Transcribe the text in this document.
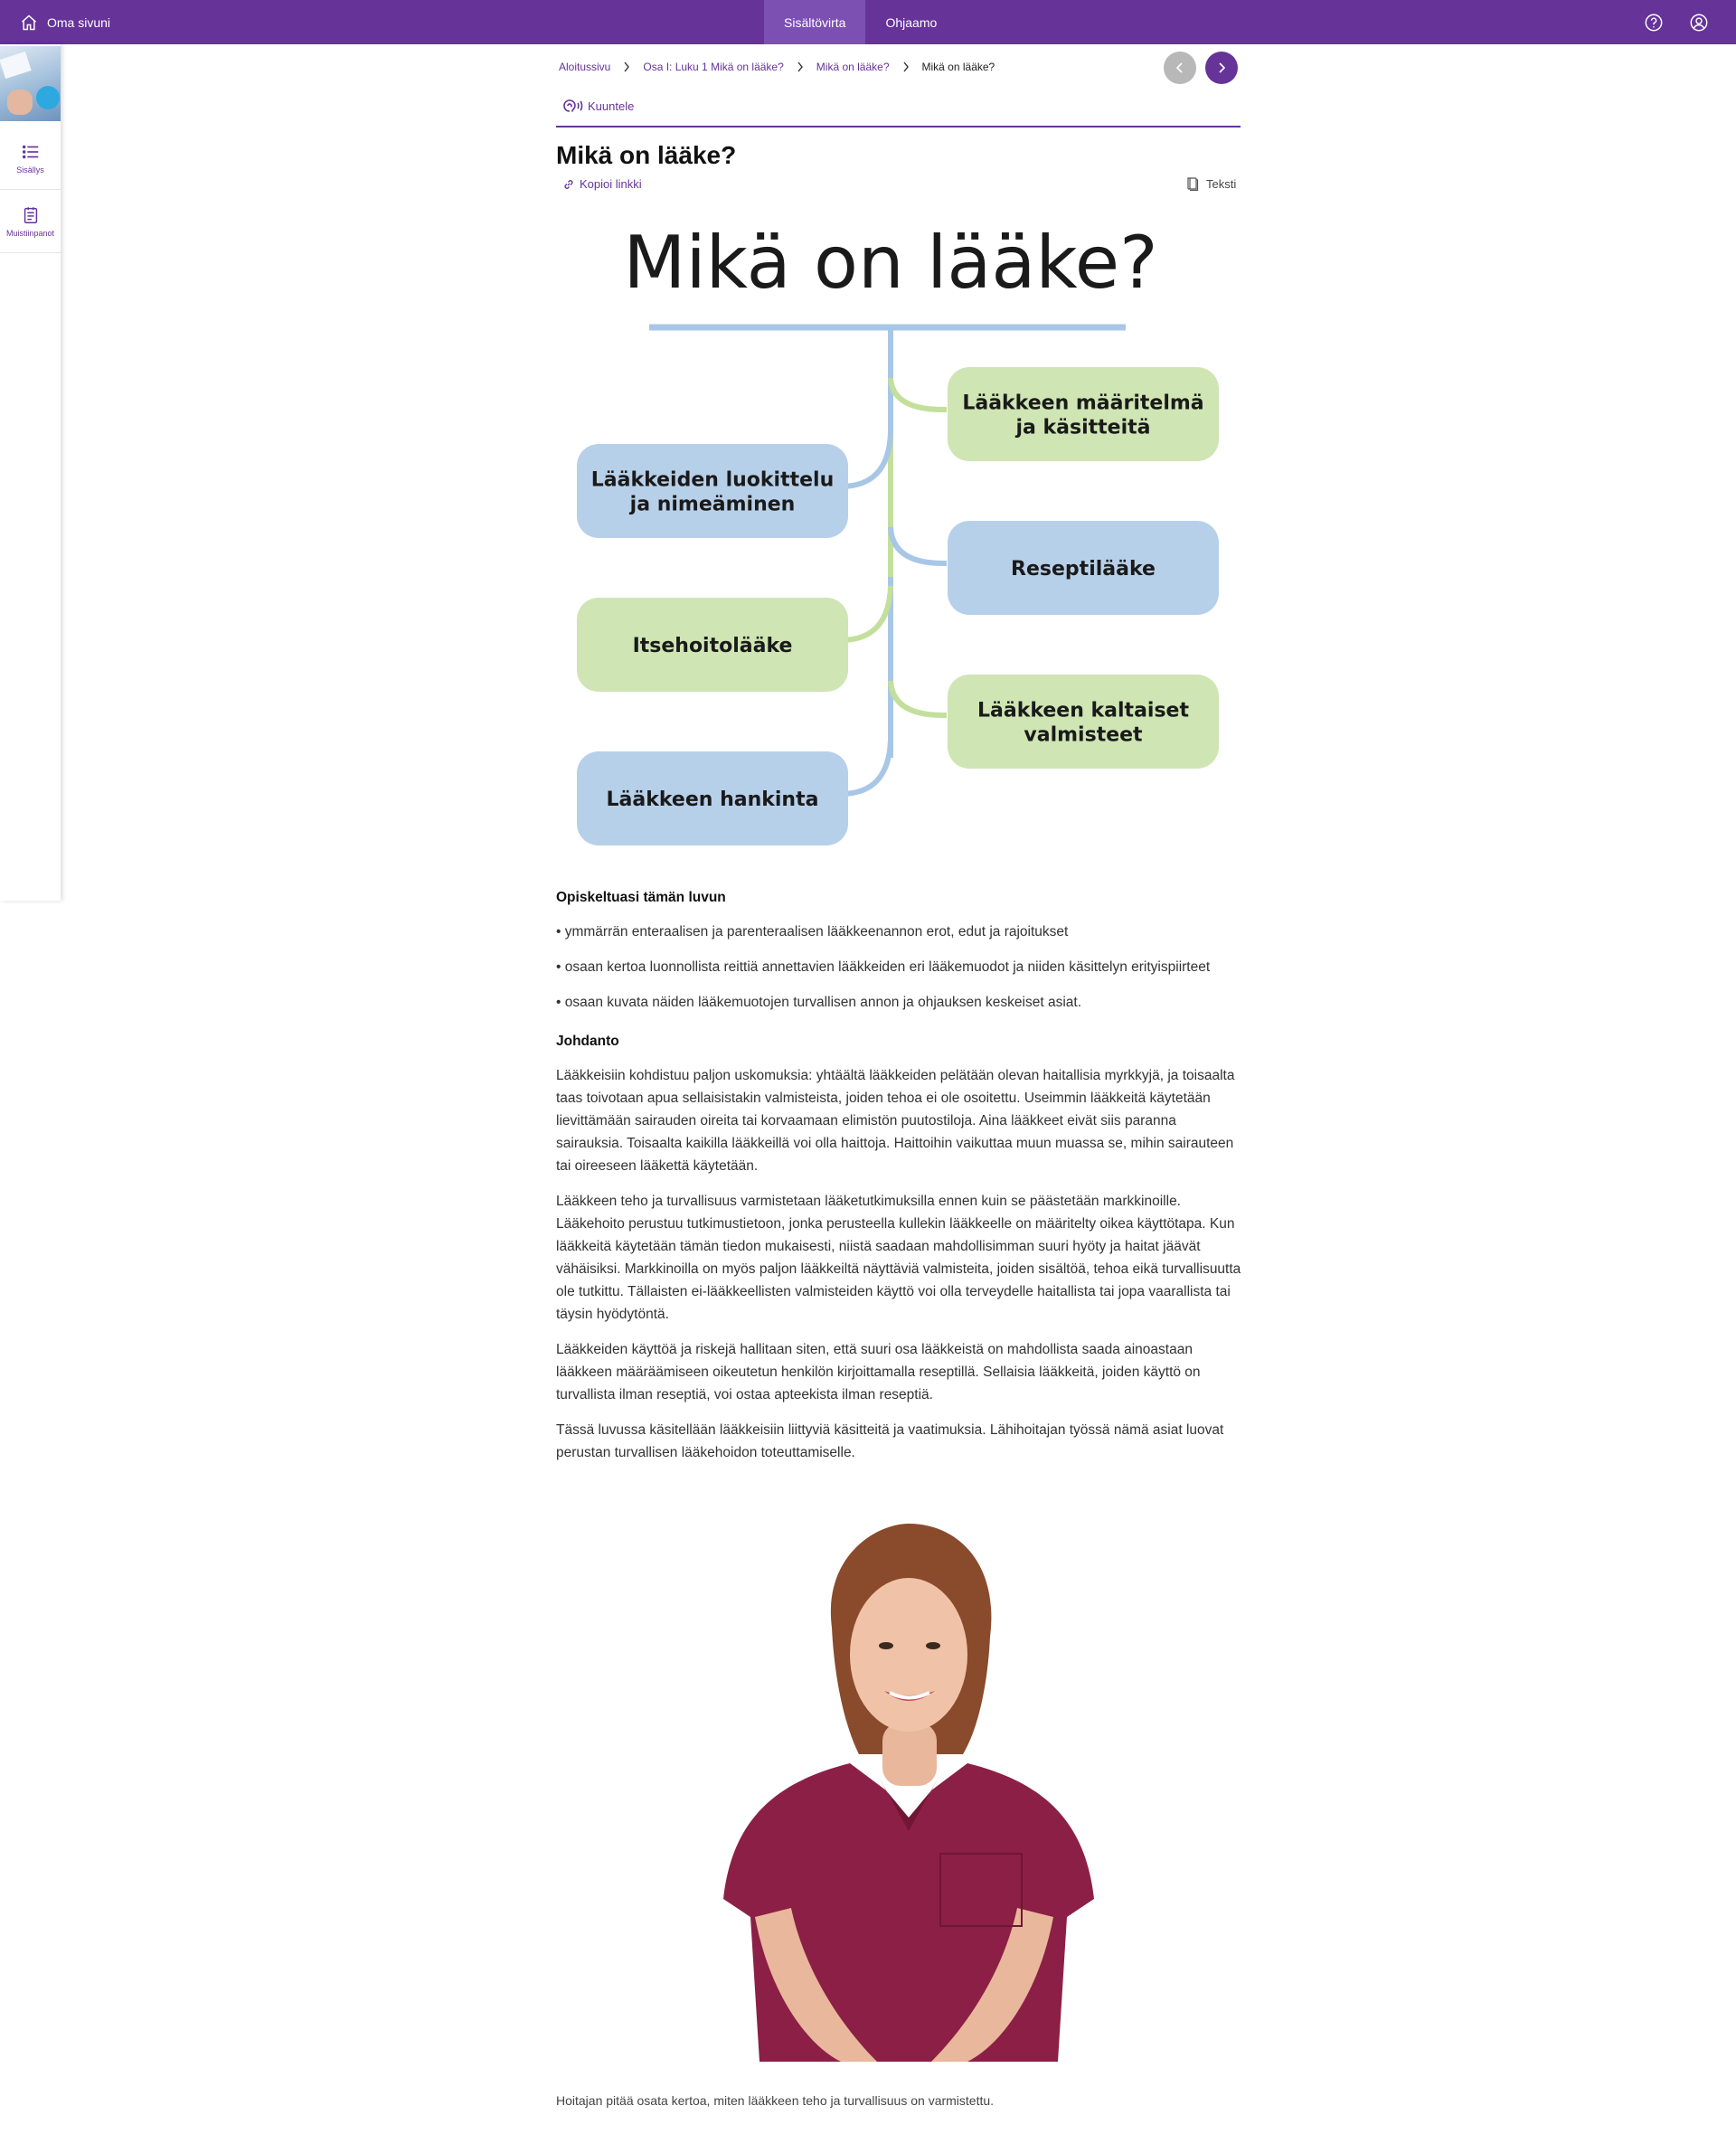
Oma sivuni	Sisältövirta	Ohjaamo
Sisällys
Muistiinpanot
Aloitussivu	Osa I: Luku 1 Mikä on lääke?	Mikä on lääke?	Mikä on lääke?
Kuuntele
Mikä on lääke?
Kopioi linkki	Teksti
Mikä on lääke?
Lääkkeen määritelmä
ja käsitteitä
Lääkkeiden luokittelu
ja nimeäminen
Reseptilääke
Itsehoitolääke
Lääkkeen kaltaiset
valmisteet
Lääkkeen hankinta
Opiskeltuasi tämän luvun

• ymmärrän enteraalisen ja parenteraalisen lääkkeenannon erot, edut ja rajoitukset

• osaan kertoa luonnollista reittiä annettavien lääkkeiden eri lääkemuodot ja niiden käsittelyn erityispiirteet

• osaan kuvata näiden lääkemuotojen turvallisen annon ja ohjauksen keskeiset asiat.

Johdanto

Lääkkeisiin kohdistuu paljon uskomuksia: yhtäältä lääkkeiden pelätään olevan haitallisia myrkkyjä, ja toisaalta taas toivotaan apua sellaisistakin valmisteista, joiden tehoa ei ole osoitettu. Useimmin lääkkeitä käytetään lievittämään sairauden oireita tai korvaamaan elimistön puutostiloja. Aina lääkkeet eivät siis paranna sairauksia. Toisaalta kaikilla lääkkeillä voi olla haittoja. Haittoihin vaikuttaa muun muassa se, mihin sairauteen tai oireeseen lääkettä käytetään.

Lääkkeen teho ja turvallisuus varmistetaan lääketutkimuksilla ennen kuin se päästetään markkinoille. Lääkehoito perustuu tutkimustietoon, jonka perusteella kullekin lääkkeelle on määritelty oikea käyttötapa. Kun lääkkeitä käytetään tämän tiedon mukaisesti, niistä saadaan mahdollisimman suuri hyöty ja haitat jäävät vähäisiksi. Markkinoilla on myös paljon lääkkeiltä näyttäviä valmisteita, joiden sisältöä, tehoa eikä turvallisuutta ole tutkittu. Tällaisten ei-lääkkeellisten valmisteiden käyttö voi olla terveydelle haitallista tai jopa vaarallista tai täysin hyödytöntä.

Lääkkeiden käyttöä ja riskejä hallitaan siten, että suuri osa lääkkeistä on mahdollista saada ainoastaan lääkkeen määräämiseen oikeutetun henkilön kirjoittamalla reseptillä. Sellaisia lääkkeitä, joiden käyttö on turvallista ilman reseptiä, voi ostaa apteekista ilman reseptiä.

Tässä luvussa käsitellään lääkkeisiin liittyviä käsitteitä ja vaatimuksia. Lähihoitajan työssä nämä asiat luovat perustan turvallisen lääkehoidon toteuttamiselle.

Hoitajan pitää osata kertoa, miten lääkkeen teho ja turvallisuus on varmistettu.
